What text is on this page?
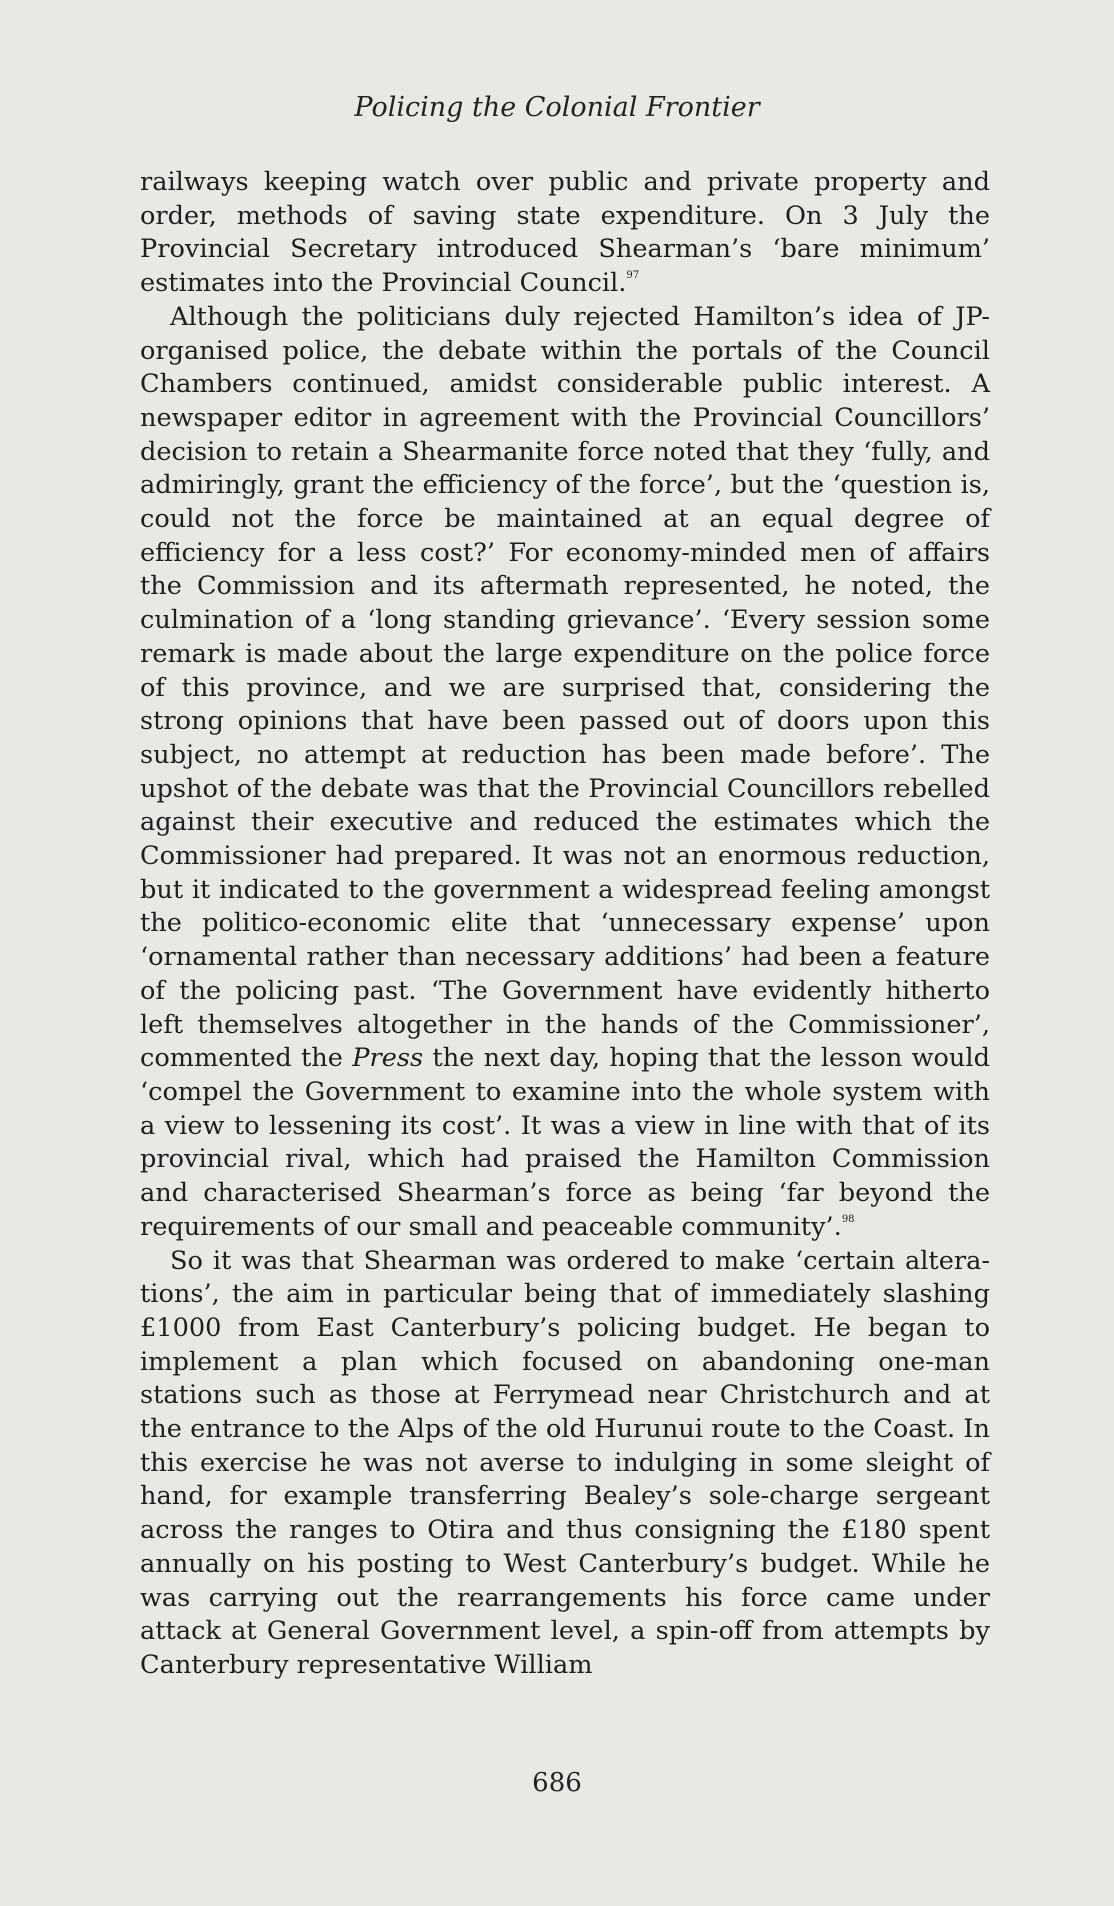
Policing the Colonial Frontier

railways keeping watch over public and private property and order, methods of saving state expenditure. On 3 July the Provincial Secretary introduced Shearman’s ‘bare minimum’ estimates into the Provincial Council.$^{97}$

Although the politicians duly rejected Hamilton’s idea of JP-organised police, the debate within the portals of the Council Chambers continued, amidst considerable public interest. A newspaper editor in agreement with the Provincial Councillors’ decision to retain a Shearmanite force noted that they ‘fully, and admiringly, grant the efficiency of the force’, but the ‘question is, could not the force be maintained at an equal degree of efficiency for a less cost?’ For economy-minded men of affairs the Commission and its aftermath represented, he noted, the culmination of a ‘long standing grievance’. ‘Every session some remark is made about the large expenditure on the police force of this province, and we are surprised that, considering the strong opinions that have been passed out of doors upon this subject, no attempt at reduction has been made before’. The upshot of the debate was that the Provincial Councillors rebelled against their executive and reduced the estimates which the Commissioner had prepared. It was not an enormous reduction, but it indicated to the government a widespread feeling amongst the politico-economic elite that ‘unnecessary expense’ upon ‘ornamental rather than necessary additions’ had been a feature of the policing past. ‘The Government have evidently hitherto left themselves altogether in the hands of the Commissioner’, commented the Press the next day, hoping that the lesson would ‘compel the Government to examine into the whole system with a view to lessening its cost’. It was a view in line with that of its provincial rival, which had praised the Hamilton Commission and characterised Shearman’s force as being ‘far beyond the requirements of our small and peaceable community’.$^{98}$

So it was that Shearman was ordered to make ‘certain alterations’, the aim in particular being that of immediately slashing £1000 from East Canterbury’s policing budget. He began to implement a plan which focused on abandoning one-man stations such as those at Ferrymead near Christchurch and at the entrance to the Alps of the old Hurunui route to the Coast. In this exercise he was not averse to indulging in some sleight of hand, for example transferring Bealey’s sole-charge sergeant across the ranges to Otira and thus consigning the £180 spent annually on his posting to West Canterbury’s budget. While he was carrying out the rearrangements his force came under attack at General Government level, a spin-off from attempts by Canterbury representative William

686
